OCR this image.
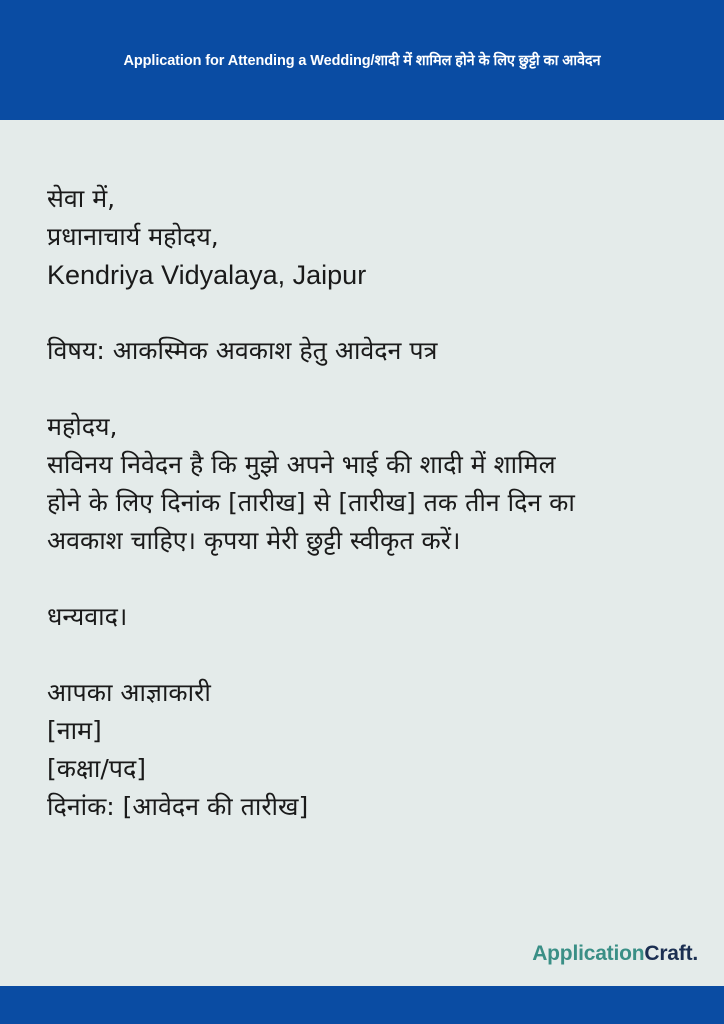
Application for Attending a Wedding/शादी में शामिल होने के लिए छुट्टी का आवेदन
सेवा में,
प्रधानाचार्य महोदय,
Kendriya Vidyalaya, Jaipur
विषय: आकस्मिक अवकाश हेतु आवेदन पत्र
महोदय,
सविनय निवेदन है कि मुझे अपने भाई की शादी में शामिल
होने के लिए दिनांक [तारीख] से [तारीख] तक तीन दिन का
अवकाश चाहिए। कृपया मेरी छुट्टी स्वीकृत करें।
धन्यवाद।
आपका आज्ञाकारी
[नाम]
[कक्षा/पद]
दिनांक: [आवेदन की तारीख]
ApplicationCraft.
